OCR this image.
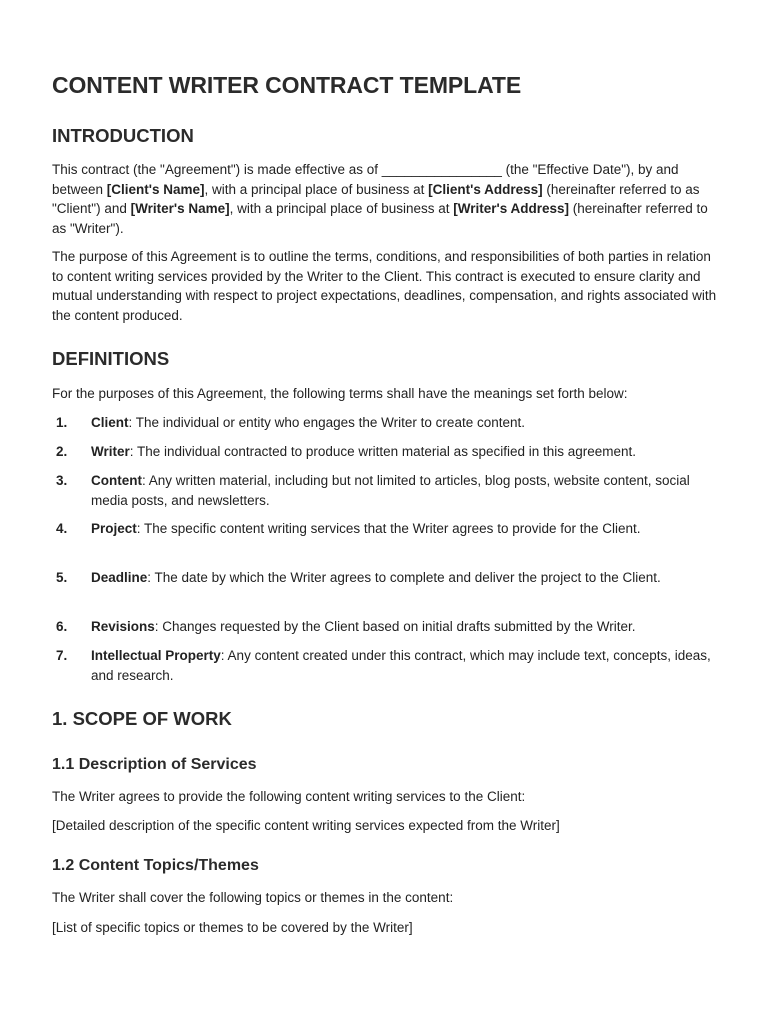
CONTENT WRITER CONTRACT TEMPLATE
INTRODUCTION

This contract (the "Agreement") is made effective as of ________________ (the "Effective Date"), by and between [Client's Name], with a principal place of business at [Client's Address] (hereinafter referred to as "Client") and [Writer's Name], with a principal place of business at [Writer's Address] (hereinafter referred to as "Writer").

The purpose of this Agreement is to outline the terms, conditions, and responsibilities of both parties in relation to content writing services provided by the Writer to the Client. This contract is executed to ensure clarity and mutual understanding with respect to project expectations, deadlines, compensation, and rights associated with the content produced.

DEFINITIONS

For the purposes of this Agreement, the following terms shall have the meanings set forth below:

1. Client: The individual or entity who engages the Writer to create content.
2. Writer: The individual contracted to produce written material as specified in this agreement.
3. Content: Any written material, including but not limited to articles, blog posts, website content, social media posts, and newsletters.
4. Project: The specific content writing services that the Writer agrees to provide for the Client.
5. Deadline: The date by which the Writer agrees to complete and deliver the project to the Client.
6. Revisions: Changes requested by the Client based on initial drafts submitted by the Writer.
7. Intellectual Property: Any content created under this contract, which may include text, concepts, ideas, and research.
1. SCOPE OF WORK
1.1 Description of Services

The Writer agrees to provide the following content writing services to the Client:

[Detailed description of the specific content writing services expected from the Writer]

1.2 Content Topics/Themes

The Writer shall cover the following topics or themes in the content:

[List of specific topics or themes to be covered by the Writer]
